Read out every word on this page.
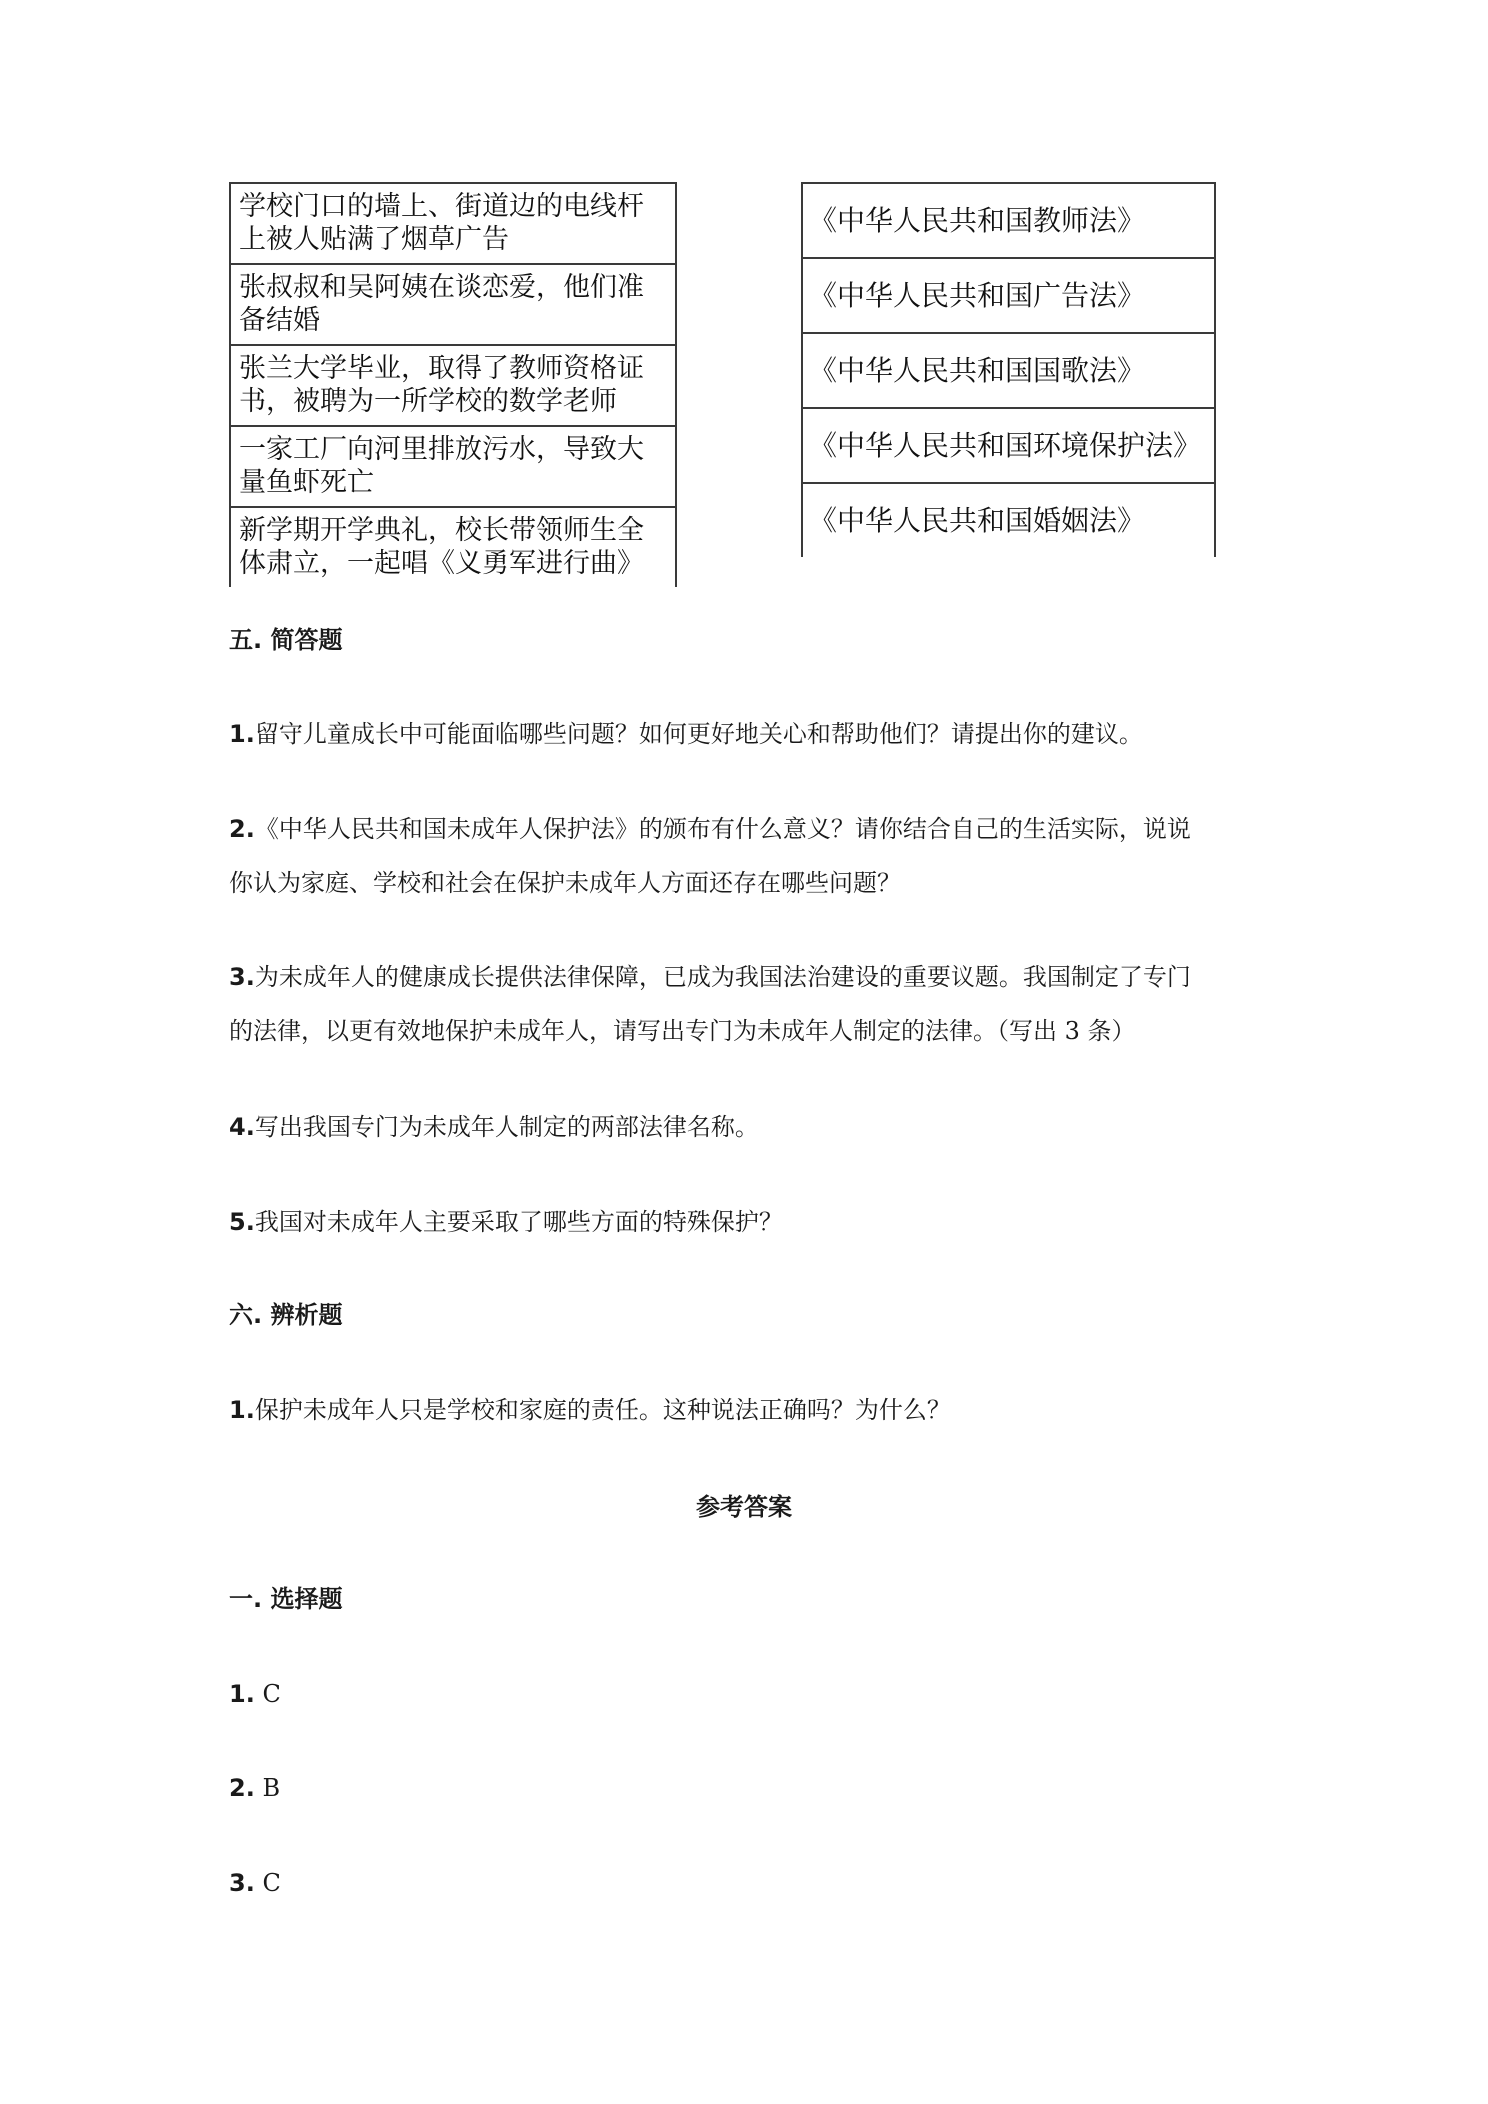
学校门口的墙上、街道边的电线杆
上被人贴满了烟草广告
张叔叔和吴阿姨在谈恋爱，他们准
备结婚
张兰大学毕业，取得了教师资格证
书，被聘为一所学校的数学老师
一家工厂向河里排放污水，导致大
量鱼虾死亡
新学期开学典礼，校长带领师生全
体肃立，一起唱《义勇军进行曲》
《中华人民共和国教师法》
《中华人民共和国广告法》
《中华人民共和国国歌法》
《中华人民共和国环境保护法》
《中华人民共和国婚姻法》
五. 简答题
1.留守儿童成长中可能面临哪些问题？如何更好地关心和帮助他们？请提出你的建议。
2.《中华人民共和国未成年人保护法》的颁布有什么意义？请你结合自己的生活实际，说说
你认为家庭、学校和社会在保护未成年人方面还存在哪些问题？
3.为未成年人的健康成长提供法律保障，已成为我国法治建设的重要议题。我国制定了专门
的法律，以更有效地保护未成年人，请写出专门为未成年人制定的法律。（写出 3 条）
4.写出我国专门为未成年人制定的两部法律名称。
5.我国对未成年人主要采取了哪些方面的特殊保护？
六. 辨析题
1.保护未成年人只是学校和家庭的责任。这种说法正确吗？为什么？
参考答案
一. 选择题
1. C
2. B
3. C
